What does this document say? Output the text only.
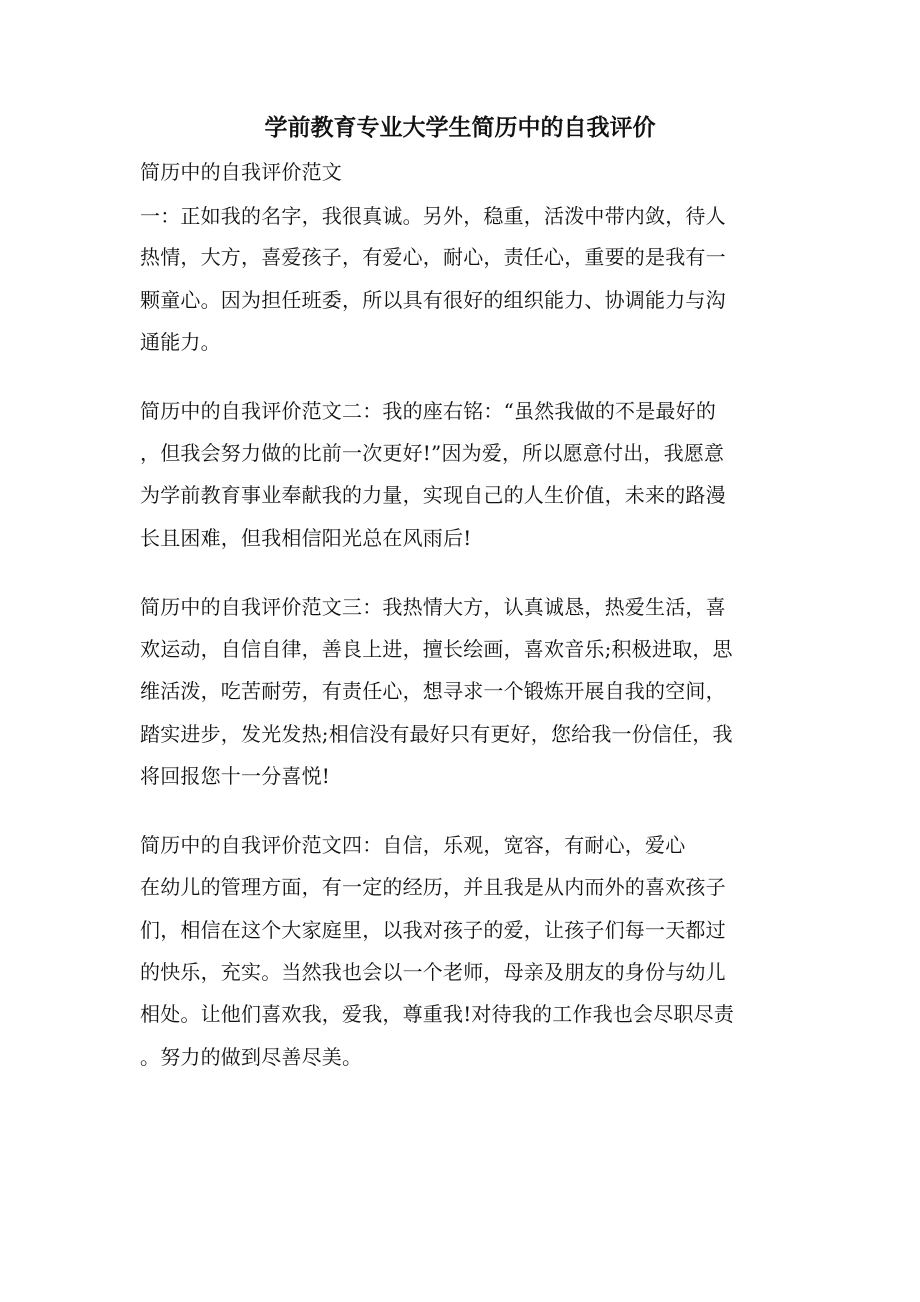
学前教育专业大学生简历中的自我评价
简历中的自我评价范文
一：正如我的名字，我很真诚。另外，稳重，活泼中带内敛，待人
热情，大方，喜爱孩子，有爱心，耐心，责任心，重要的是我有一
颗童心。因为担任班委，所以具有很好的组织能力、协调能力与沟
通能力。
简历中的自我评价范文二：我的座右铭：“虽然我做的不是最好的
，但我会努力做的比前一次更好!”因为爱，所以愿意付出，我愿意
为学前教育事业奉献我的力量，实现自己的人生价值，未来的路漫
长且困难，但我相信阳光总在风雨后!
简历中的自我评价范文三：我热情大方，认真诚恳，热爱生活，喜
欢运动，自信自律，善良上进，擅长绘画，喜欢音乐;积极进取，思
维活泼，吃苦耐劳，有责任心，想寻求一个锻炼开展自我的空间，
踏实进步，发光发热;相信没有最好只有更好，您给我一份信任，我
将回报您十一分喜悦!
简历中的自我评价范文四：自信，乐观，宽容，有耐心，爱心
在幼儿的管理方面，有一定的经历，并且我是从内而外的喜欢孩子
们，相信在这个大家庭里，以我对孩子的爱，让孩子们每一天都过
的快乐，充实。当然我也会以一个老师，母亲及朋友的身份与幼儿
相处。让他们喜欢我，爱我，尊重我!对待我的工作我也会尽职尽责
。努力的做到尽善尽美。
